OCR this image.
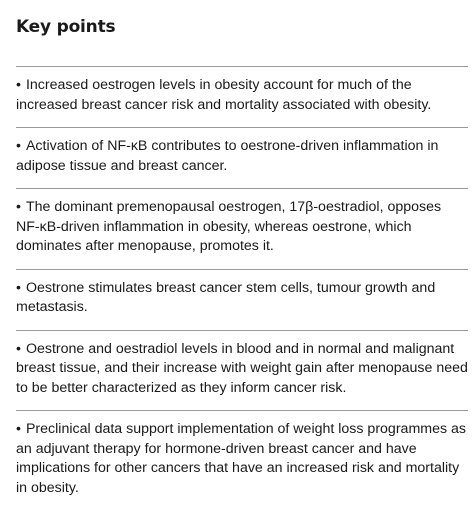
Key points
• Increased oestrogen levels in obesity account for much of the increased breast cancer risk and mortality associated with obesity.
• Activation of NF-κB contributes to oestrone-driven inflammation in adipose tissue and breast cancer.
• The dominant premenopausal oestrogen, 17β-oestradiol, opposes NF-κB-driven inflammation in obesity, whereas oestrone, which dominates after menopause, promotes it.
• Oestrone stimulates breast cancer stem cells, tumour growth and metastasis.
• Oestrone and oestradiol levels in blood and in normal and malignant breast tissue, and their increase with weight gain after menopause need to be better characterized as they inform cancer risk.
• Preclinical data support implementation of weight loss programmes as an adjuvant therapy for hormone-driven breast cancer and have implications for other cancers that have an increased risk and mortality in obesity.
